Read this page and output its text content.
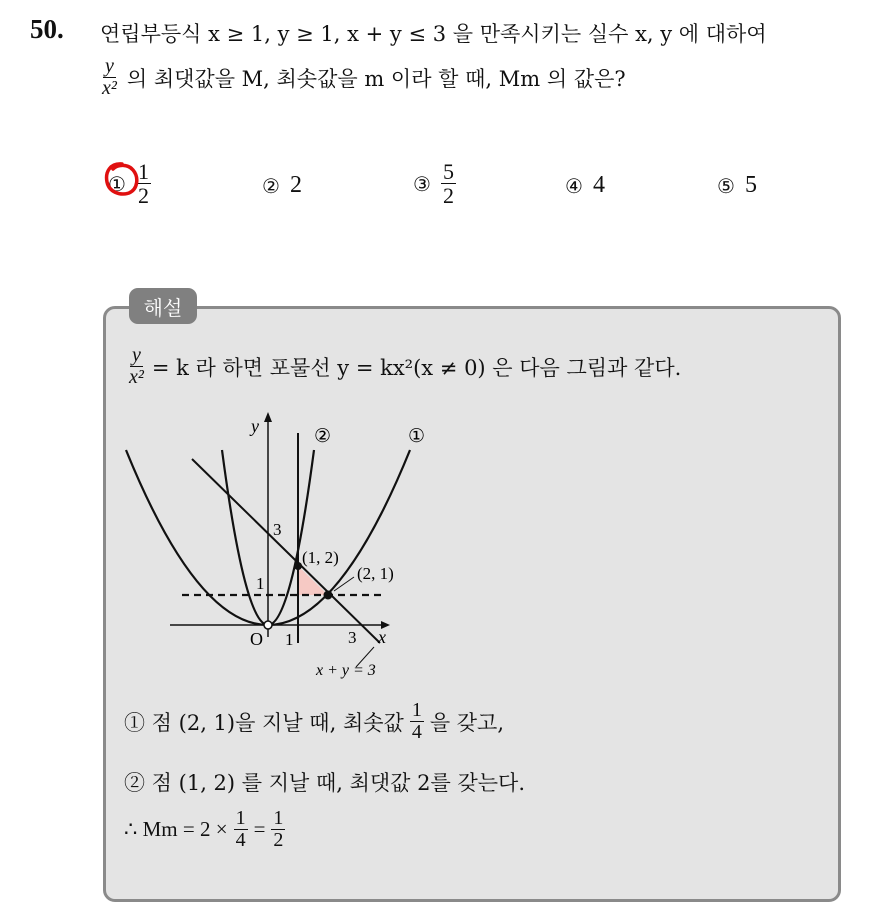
50. 연립부등식 x ≥ 1, y ≥ 1, x + y ≤ 3 을 만족시키는 실수 x, y 에 대하여
$\frac{y}{\text{x²}}$ 의 최댓값을 M, 최솟값을 m 이라 할 때, Mm 의 값은?
① $\frac{1}{2}$	② 2	③ $\frac{5}{2}$	④ 4	⑤ 5
해설
$\frac{y}{\text{x²}} = k$ 라 하면 포물선 y = kx²(x ≠ 0) 은 다음 그림과 같다.
y
x
O
②	①
3
1
1	3
(1, 2)
(2, 1)
x + y = 3
① 점 (2, 1)을 지날 때, 최솟값 $\frac{1}{4}$ 을 갖고,
② 점 (1, 2) 를 지날 때, 최댓값 2를 갖는다.
∴ $Mm = 2 \times \frac{1}{4} = \frac{1}{2}$
